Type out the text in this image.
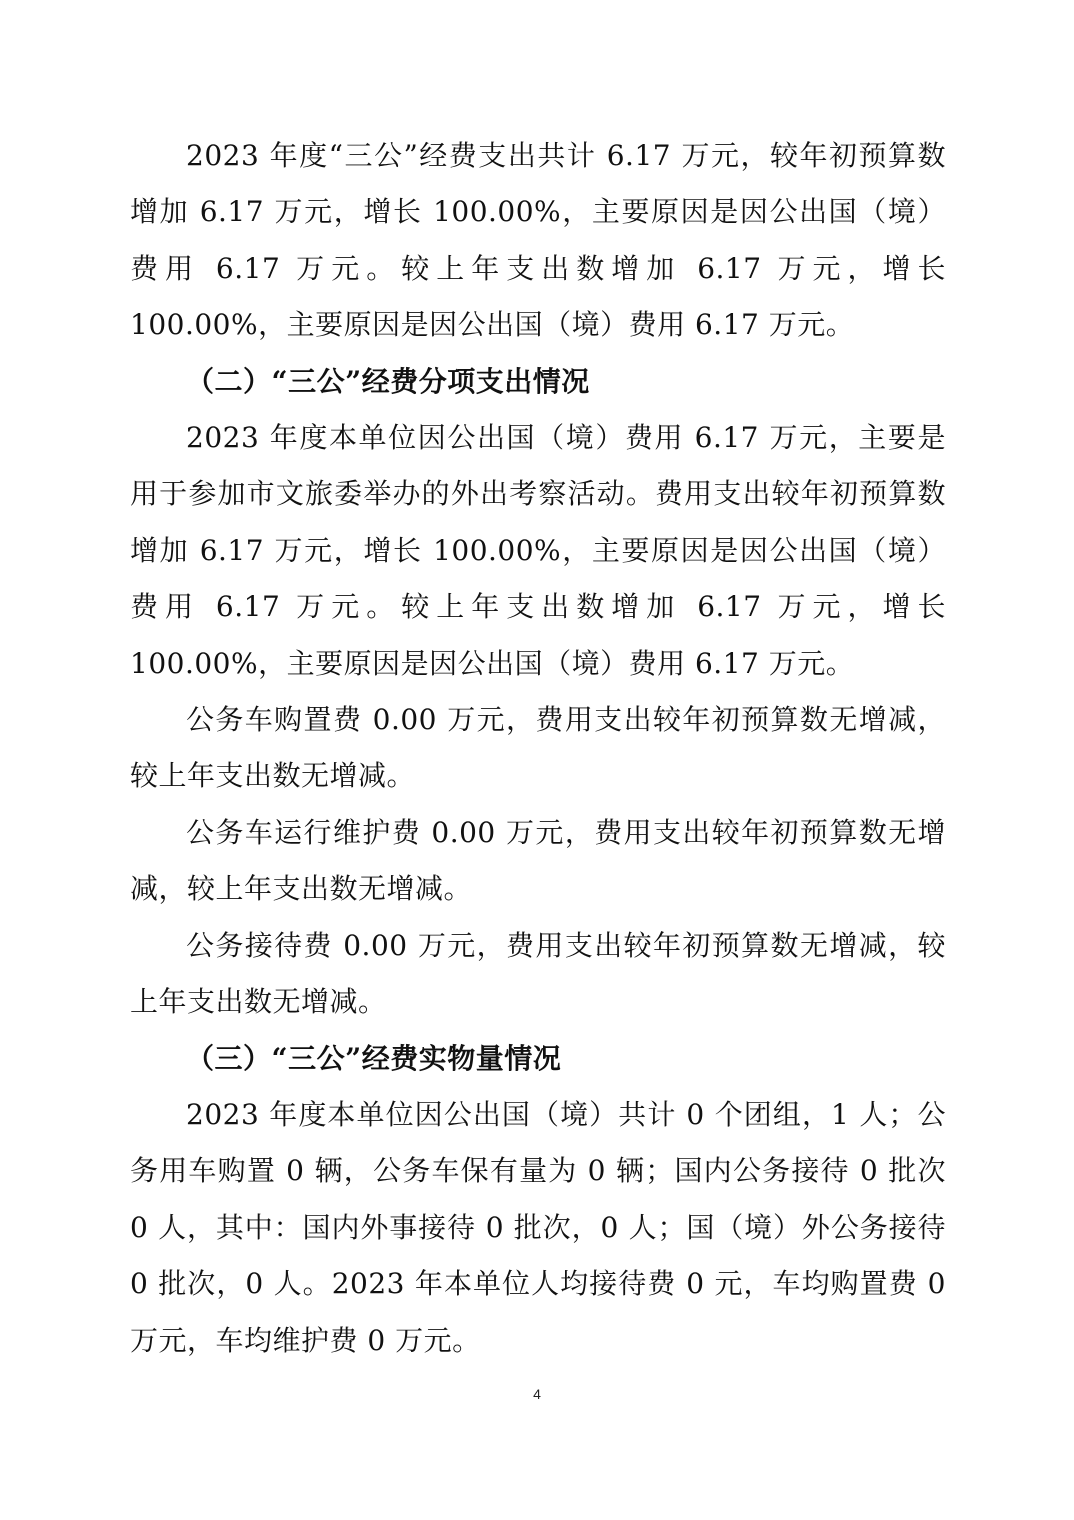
2023 年度“三公”经费支出共计 6.17 万元，较年初预算数增加 6.17 万元，增长 100.00%，主要原因是因公出国（境）费用 6.17 万元。较上年支出数增加 6.17 万元，增长 100.00%，主要原因是因公出国（境）费用 6.17 万元。

（二）“三公”经费分项支出情况

2023 年度本单位因公出国（境）费用 6.17 万元，主要是用于参加市文旅委举办的外出考察活动。费用支出较年初预算数增加 6.17 万元，增长 100.00%，主要原因是因公出国（境）费用 6.17 万元。较上年支出数增加 6.17 万元，增长 100.00%，主要原因是因公出国（境）费用 6.17 万元。

公务车购置费 0.00 万元，费用支出较年初预算数无增减，较上年支出数无增减。

公务车运行维护费 0.00 万元，费用支出较年初预算数无增减，较上年支出数无增减。

公务接待费 0.00 万元，费用支出较年初预算数无增减，较上年支出数无增减。

（三）“三公”经费实物量情况

2023 年度本单位因公出国（境）共计 0 个团组，1 人；公务用车购置 0 辆，公务车保有量为 0 辆；国内公务接待 0 批次 0 人，其中：国内外事接待 0 批次，0 人；国（境）外公务接待 0 批次，0 人。2023 年本单位人均接待费 0 元，车均购置费 0 万元，车均维护费 0 万元。

4
